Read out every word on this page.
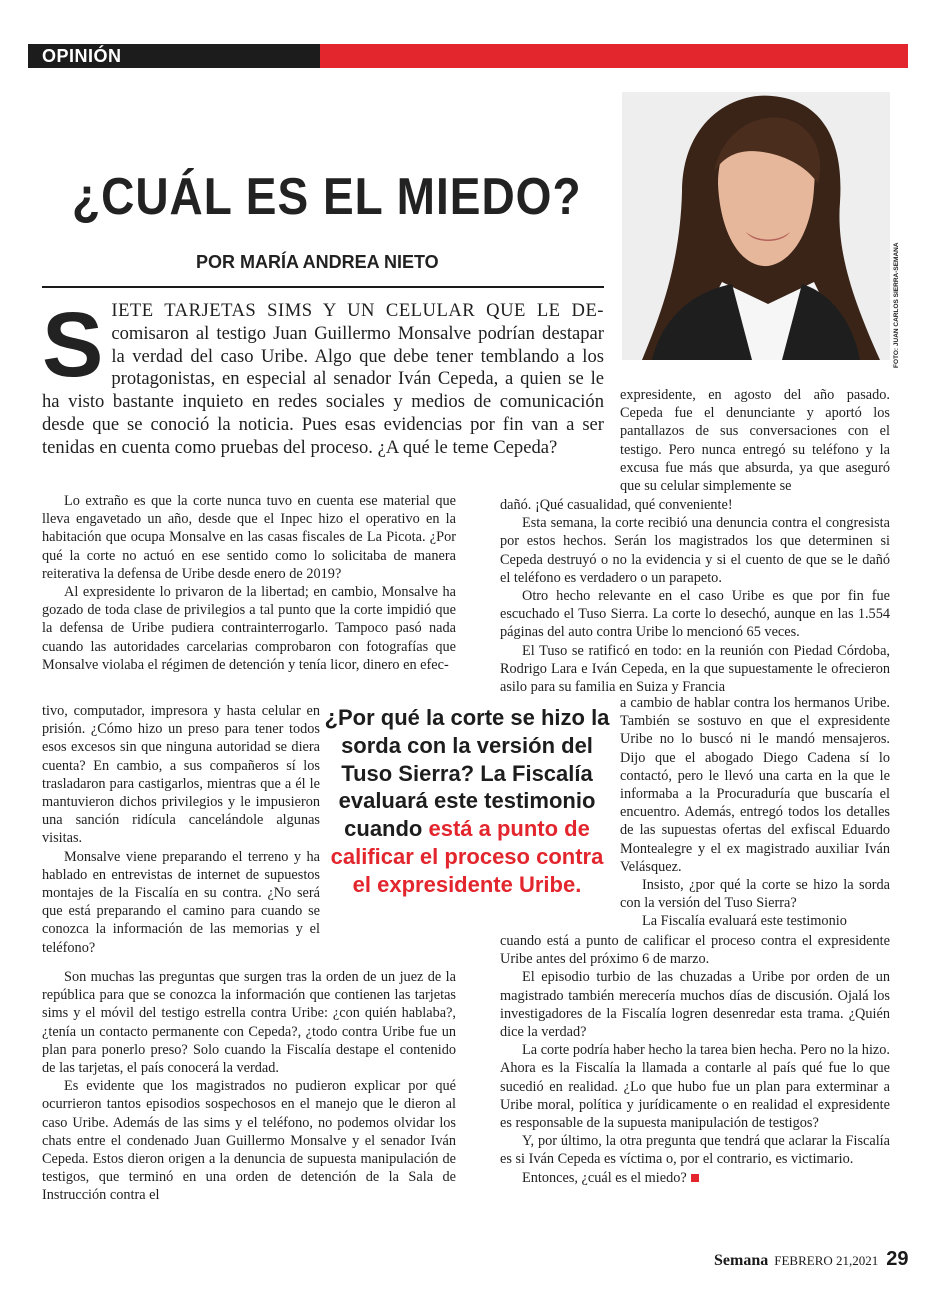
OPINIÓN
¿CUÁL ES EL MIEDO?
POR MARÍA ANDREA NIETO	FOTO: JUAN CARLOS SIERRA-SEMANA
SIETE TARJETAS SIMS Y UN CELULAR QUE LE DE-comisaron al testigo Juan Guillermo Monsalve podrían destapar la verdad del caso Uribe. Algo que debe tener temblando a los protagonistas, en especial al senador Iván Cepeda, a quien se le ha visto bastante inquieto en redes sociales y medios de comunicación desde que se conoció la noticia. Pues esas evidencias por fin van a ser tenidas en cuenta como pruebas del proceso. ¿A qué le teme Cepeda?

Lo extraño es que la corte nunca tuvo en cuenta ese material que lleva engavetado un año, desde que el Inpec hizo el operativo en la habitación que ocupa Monsalve en las casas fiscales de La Picota. ¿Por qué la corte no actuó en ese sentido como lo solicitaba de manera reiterativa la defensa de Uribe desde enero de 2019?

Al expresidente lo privaron de la libertad; en cambio, Monsalve ha gozado de toda clase de privilegios a tal punto que la corte impidió que la defensa de Uribe pudiera contrainterrogarlo. Tampoco pasó nada cuando las autoridades carcelarias comprobaron con fotografías que Monsalve violaba el régimen de detención y tenía licor, dinero en efec-

tivo, computador, impresora y hasta celular en prisión. ¿Cómo hizo un preso para tener todos esos excesos sin que ninguna autoridad se diera cuenta? En cambio, a sus compañeros sí los trasladaron para castigarlos, mientras que a él le mantuvieron dichos privilegios y le impusieron una sanción ridícula cancelándole algunas visitas.

Monsalve viene preparando el terreno y ha hablado en entrevistas de internet de supuestos montajes de la Fiscalía en su contra. ¿No será que está preparando el camino para cuando se conozca la información de las memorias y el teléfono?

Son muchas las preguntas que surgen tras la orden de un juez de la república para que se conozca la información que contienen las tarjetas sims y el móvil del testigo estrella contra Uribe: ¿con quién hablaba?, ¿tenía un contacto permanente con Cepeda?, ¿todo contra Uribe fue un plan para ponerlo preso? Solo cuando la Fiscalía destape el contenido de las tarjetas, el país conocerá la verdad.

Es evidente que los magistrados no pudieron explicar por qué ocurrieron tantos episodios sospechosos en el manejo que le dieron al caso Uribe. Además de las sims y el teléfono, no podemos olvidar los chats entre el condenado Juan Guillermo Monsalve y el senador Iván Cepeda. Estos dieron origen a la denuncia de supuesta manipulación de testigos, que terminó en una orden de detención de la Sala de Instrucción contra el

expresidente, en agosto del año pasado. Cepeda fue el denunciante y aportó los pantallazos de sus conversaciones con el testigo. Pero nunca entregó su teléfono y la excusa fue más que absurda, ya que aseguró que su celular simplemente se

dañó. ¡Qué casualidad, qué conveniente!

Esta semana, la corte recibió una denuncia contra el congresista por estos hechos. Serán los magistrados los que determinen si Cepeda destruyó o no la evidencia y si el cuento de que se le dañó el teléfono es verdadero o un parapeto.

Otro hecho relevante en el caso Uribe es que por fin fue escuchado el Tuso Sierra. La corte lo desechó, aunque en las 1.554 páginas del auto contra Uribe lo mencionó 65 veces.

El Tuso se ratificó en todo: en la reunión con Piedad Córdoba, Rodrigo Lara e Iván Cepeda, en la que supuestamente le ofrecieron asilo para su familia en Suiza y Francia

a cambio de hablar contra los hermanos Uribe. También se sostuvo en que el expresidente Uribe no lo buscó ni le mandó mensajeros. Dijo que el abogado Diego Cadena sí lo contactó, pero le llevó una carta en la que le informaba a la Procuraduría que buscaría el encuentro. Además, entregó todos los detalles de las supuestas ofertas del exfiscal Eduardo Montealegre y el ex magistrado auxiliar Iván Velásquez.

Insisto, ¿por qué la corte se hizo la sorda con la versión del Tuso Sierra?

La Fiscalía evaluará este testimonio

cuando está a punto de calificar el proceso contra el expresidente Uribe antes del próximo 6 de marzo.

El episodio turbio de las chuzadas a Uribe por orden de un magistrado también merecería muchos días de discusión. Ojalá los investigadores de la Fiscalía logren desenredar esta trama. ¿Quién dice la verdad?

La corte podría haber hecho la tarea bien hecha. Pero no la hizo. Ahora es la Fiscalía la llamada a contarle al país qué fue lo que sucedió en realidad. ¿Lo que hubo fue un plan para exterminar a Uribe moral, política y jurídicamente o en realidad el expresidente es responsable de la supuesta manipulación de testigos?

Y, por último, la otra pregunta que tendrá que aclarar la Fiscalía es si Iván Cepeda es víctima o, por el contrario, es victimario.

Entonces, ¿cuál es el miedo?

¿Por qué la corte se hizo la sorda con la versión del Tuso Sierra? La Fiscalía evaluará este testimonio cuando está a punto de calificar el proceso contra el expresidente Uribe.
Semana FEBRERO 21,2021 29
